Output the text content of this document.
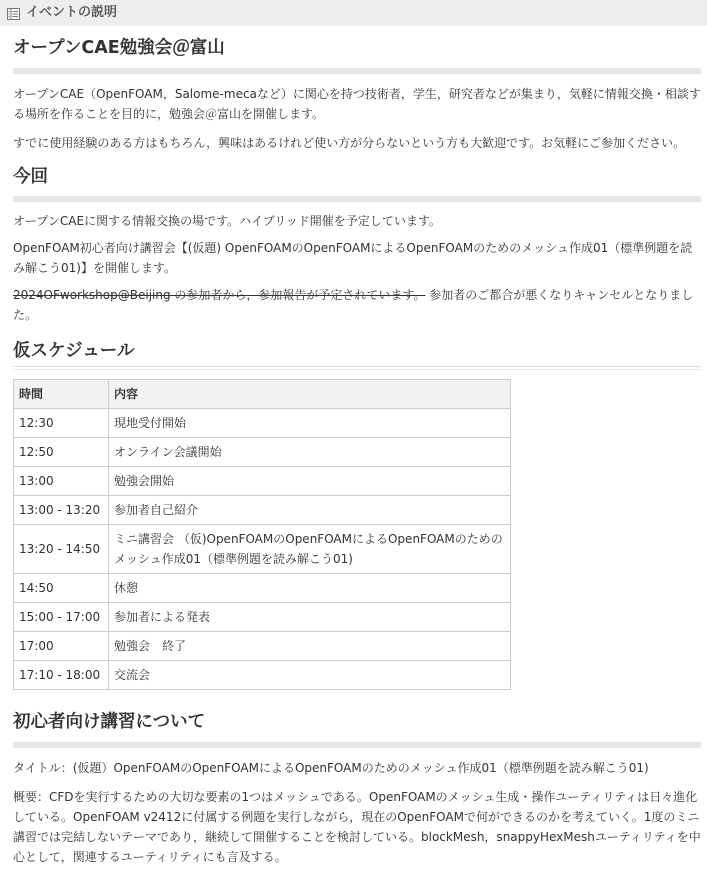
イベントの説明
オープンCAE勉強会＠富山

オープンCAE（OpenFOAM，Salome-mecaなど）に関心を持つ技術者，学生，研究者などが集まり，気軽に情報交換・相談する場所を作ることを目的に，勉強会＠富山を開催します。

すでに使用経験のある方はもちろん，興味はあるけれど使い方が分らないという方も大歓迎です。お気軽にご参加ください。

今回

オープンCAEに関する情報交換の場です。ハイブリッド開催を予定しています。

OpenFOAM初心者向け講習会【(仮題) OpenFOAMのOpenFOAMによるOpenFOAMのためのメッシュ作成01（標準例題を読み解こう01)】を開催します。

2024OFworkshop@Beijing の参加者から，参加報告が予定されています。 参加者のご都合が悪くなりキャンセルとなりました。

仮スケジュール
時間	内容
12:30	現地受付開始
12:50	オンライン会議開始
13:00	勉強会開始
13:00 - 13:20	参加者自己紹介
13:20 - 14:50	ミニ講習会 （仮)OpenFOAMのOpenFOAMによるOpenFOAMのためのメッシュ作成01（標準例題を読み解こう01)
14:50	休憩
15:00 - 17:00	参加者による発表
17:00	勉強会　終了
17:10 - 18:00	交流会
初心者向け講習について

タイトル：(仮題）OpenFOAMのOpenFOAMによるOpenFOAMのためのメッシュ作成01（標準例題を読み解こう01)

概要：CFDを実行するための大切な要素の1つはメッシュである。OpenFOAMのメッシュ生成・操作ユーティリティは日々進化している。OpenFOAM v2412に付属する例題を実行しながら，現在のOpenFOAMで何ができるのかを考えていく。1度のミニ講習では完結しないテーマであり，継続して開催することを検討している。blockMesh，snappyHexMeshユーティリティを中心として，関連するユーティリティにも言及する。
